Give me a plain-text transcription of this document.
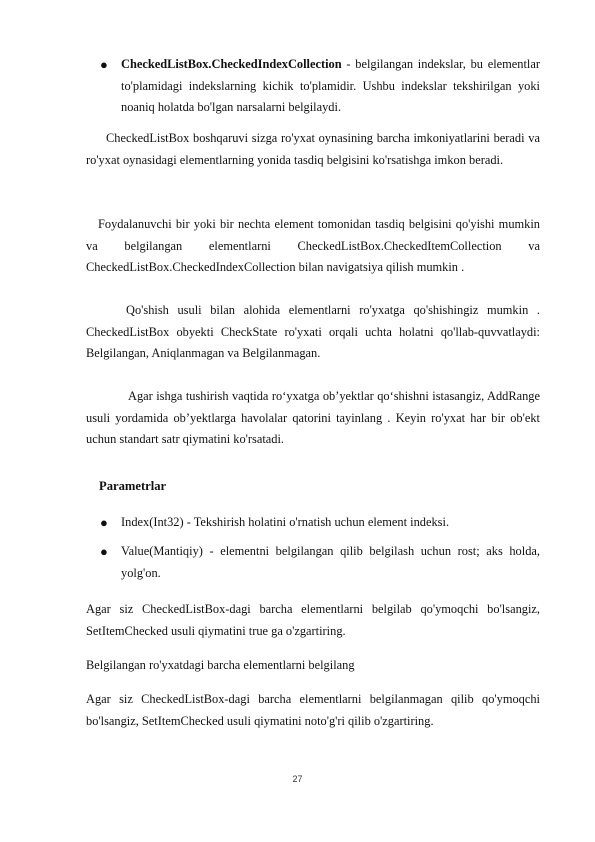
●	CheckedListBox.CheckedIndexCollection - belgilangan indekslar, bu elementlar to'plamidagi indekslarning kichik to'plamidir. Ushbu indekslar tekshirilgan yoki noaniq holatda bo'lgan narsalarni belgilaydi.

CheckedListBox boshqaruvi sizga ro'yxat oynasining barcha imkoniyatlarini beradi va ro'yxat oynasidagi elementlarning yonida tasdiq belgisini ko'rsatishga imkon beradi.

Foydalanuvchi bir yoki bir nechta element tomonidan tasdiq belgisini qo'yishi mumkin va belgilangan elementlarni CheckedListBox.CheckedItemCollection va CheckedListBox.CheckedIndexCollection bilan navigatsiya qilish mumkin .

Qo'shish usuli bilan alohida elementlarni ro'yxatga qo'shishingiz mumkin . CheckedListBox obyekti CheckState ro'yxati orqali uchta holatni qo'llab-quvvatlaydi: Belgilangan, Aniqlanmagan va Belgilanmagan.

Agar ishga tushirish vaqtida ro‘yxatga ob’yektlar qo‘shishni istasangiz, AddRange usuli yordamida ob’yektlarga havolalar qatorini tayinlang . Keyin ro'yxat har bir ob'ekt uchun standart satr qiymatini ko'rsatadi.

Parametrlar
●	Index(Int32) - Tekshirish holatini o'rnatish uchun element indeksi.

●	Value(Mantiqiy) - elementni belgilangan qilib belgilash uchun rost; aks holda, yolg'on.

Agar siz CheckedListBox-dagi barcha elementlarni belgilab qo'ymoqchi bo'lsangiz, SetItemChecked usuli qiymatini true ga o'zgartiring.

Belgilangan ro'yxatdagi barcha elementlarni belgilang

Agar siz CheckedListBox-dagi barcha elementlarni belgilanmagan qilib qo'ymoqchi bo'lsangiz, SetItemChecked usuli qiymatini noto'g'ri qilib o'zgartiring.

27
